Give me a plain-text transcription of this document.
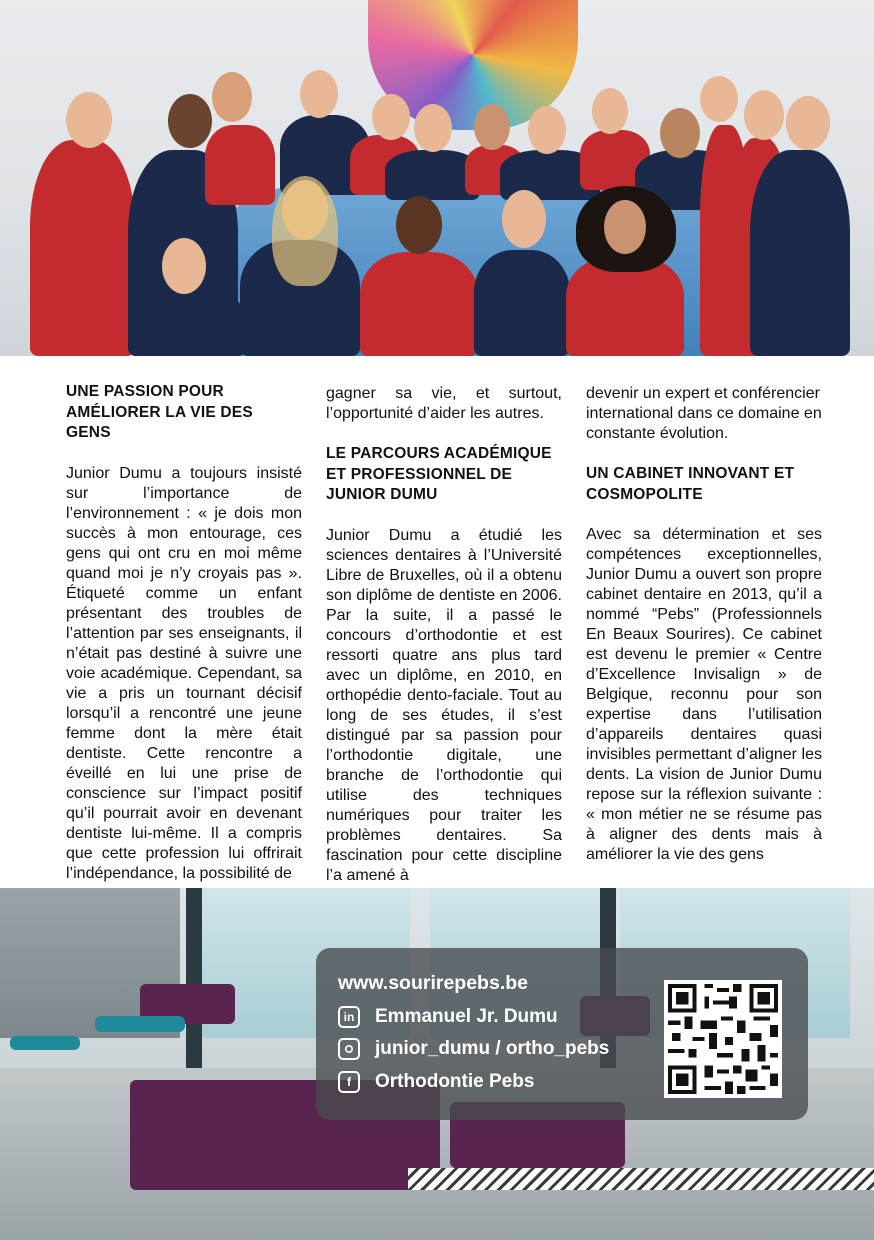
UNE PASSION POUR AMÉLIORER LA VIE DES GENS

Junior Dumu a toujours insisté sur l’importance de l’environnement : « je dois mon succès à mon entourage, ces gens qui ont cru en moi même quand moi je n’y croyais pas ». Étiqueté comme un enfant présentant des troubles de l’attention par ses enseignants, il n’était pas destiné à suivre une voie académique. Cependant, sa vie a pris un tournant décisif lorsqu’il a rencontré une jeune femme dont la mère était dentiste. Cette rencontre a éveillé en lui une prise de conscience sur l’impact positif qu’il pourrait avoir en devenant dentiste lui-même. Il a compris que cette profession lui offrirait l’indépendance, la possibilité de

gagner sa vie, et surtout, l’opportunité d’aider les autres.

LE PARCOURS ACADÉMIQUE ET PROFESSIONNEL DE JUNIOR DUMU

Junior Dumu a étudié les sciences dentaires à l’Université Libre de Bruxelles, où il a obtenu son diplôme de dentiste en 2006. Par la suite, il a passé le concours d’orthodontie et est ressorti quatre ans plus tard avec un diplôme, en 2010, en orthopédie dento-faciale. Tout au long de ses études, il s’est distingué par sa passion pour l’orthodontie digitale, une branche de l’orthodontie qui utilise des techniques numériques pour traiter les problèmes dentaires. Sa fascination pour cette discipline l’a amené à

devenir un expert et conférencier international dans ce domaine en constante évolution.

UN CABINET INNOVANT ET COSMOPOLITE

Avec sa détermination et ses compétences exceptionnelles, Junior Dumu a ouvert son propre cabinet dentaire en 2013, qu’il a nommé “Pebs” (Professionnels En Beaux Sourires). Ce cabinet est devenu le premier « Centre d’Excellence Invisalign » de Belgique, reconnu pour son expertise dans l’utilisation d’appareils dentaires quasi invisibles permettant d’aligner les dents. La vision de Junior Dumu repose sur la réflexion suivante : « mon métier ne se résume pas à aligner des dents mais à améliorer la vie des gens

www.sourirepebs.be
in Emmanuel Jr. Dumu
junior_dumu / ortho_pebs
f	Orthodontie Pebs
